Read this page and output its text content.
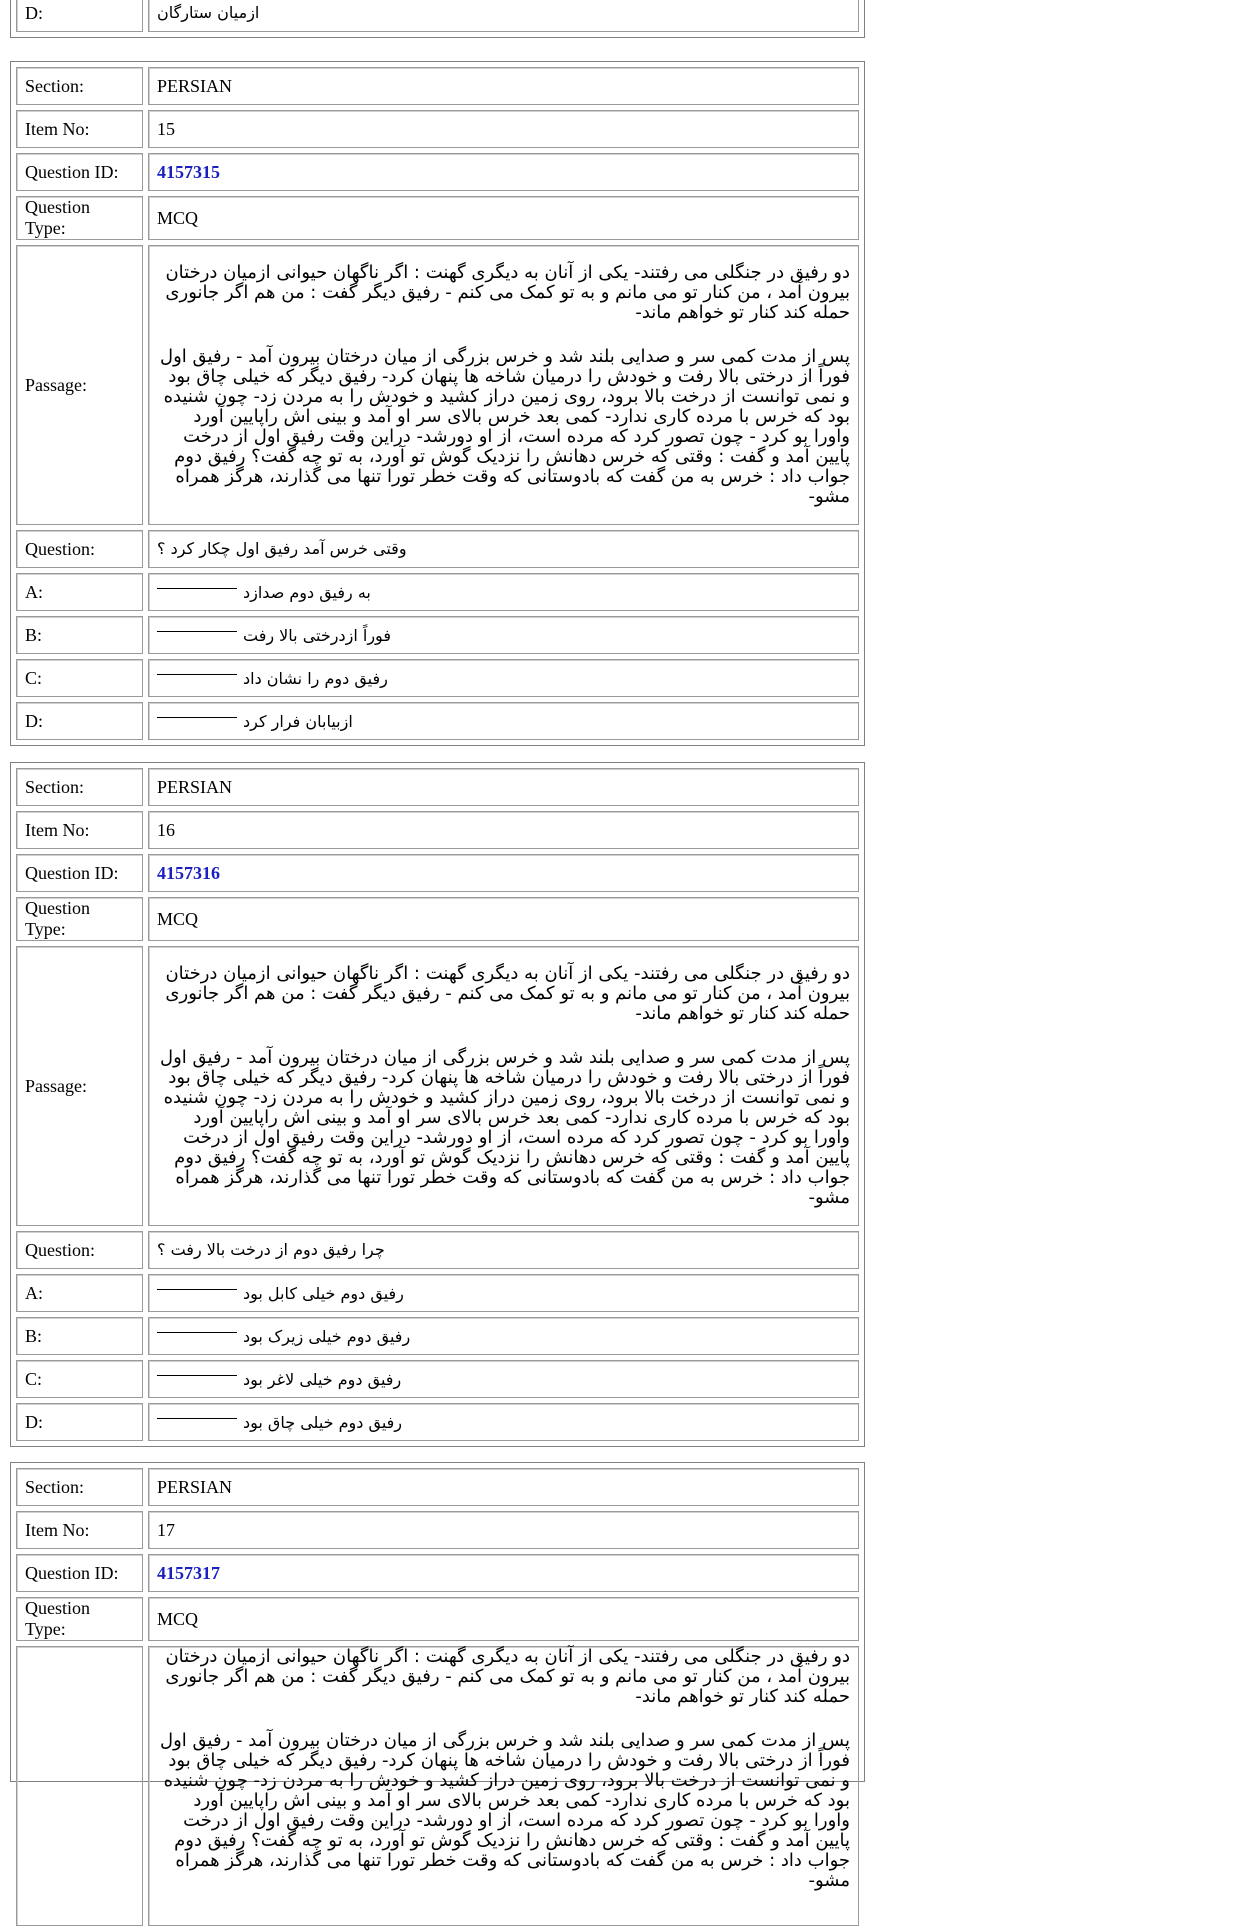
D:	ازمیان ستارگان
Section:	PERSIAN
Item No:	15
Question ID:	4157315
Question Type:	MCQ
Passage:	دو رفیق در جنگلی می رفتند- یکی از آنان به دیگری گهنت : اگر ناگهان حیوانی ازمیان درختان بیرون آمد ، من کنار تو می مانم و به تو کمک می کنم - رفیق دیگر گفت : من هم اگر جانوری حمله کند کنار تو خواهم ماند-

پس از مدت کمی سر و صدایی بلند شد و خرس بزرگی از میان درختان بیرون آمد - رفیق اول فوراً از درختی بالا رفت و خودش را درمیان شاخه ها پنهان کرد- رفیق دیگر که خیلی چاق بود و نمی توانست از درخت بالا برود، روی زمین دراز کشید و خودش را به مردن زد- چون شنیده بود که خرس با مرده کاری ندارد- کمی بعد خرس بالای سر او آمد و بینی اش راپایین آورد واورا بو کرد - چون تصور کرد که مرده است، از او دورشد- دراین وقت رفیق اول از درخت پایین آمد و گفت : وقتی که خرس دهانش را نزدیک گوش تو آورد، به تو چه گفت؟ رفیق دوم جواب داد : خرس به من گفت که بادوستانی که وقت خطر تورا تنها می گذارند، هرگز همراه مشو-

Question:	وقتی خرس آمد رفیق اول چکار کرد ؟
A:	به رفیق دوم صدازد

B:	فوراً ازدرختی بالا رفت

C:	رفیق دوم را نشان داد

D:	ازبیابان فرار کرد
Section:	PERSIAN
Item No:	16
Question ID:	4157316
Question Type:	MCQ
Passage:	دو رفیق در جنگلی می رفتند- یکی از آنان به دیگری گهنت : اگر ناگهان حیوانی ازمیان درختان بیرون آمد ، من کنار تو می مانم و به تو کمک می کنم - رفیق دیگر گفت : من هم اگر جانوری حمله کند کنار تو خواهم ماند-

پس از مدت کمی سر و صدایی بلند شد و خرس بزرگی از میان درختان بیرون آمد - رفیق اول فوراً از درختی بالا رفت و خودش را درمیان شاخه ها پنهان کرد- رفیق دیگر که خیلی چاق بود و نمی توانست از درخت بالا برود، روی زمین دراز کشید و خودش را به مردن زد- چون شنیده بود که خرس با مرده کاری ندارد- کمی بعد خرس بالای سر او آمد و بینی اش راپایین آورد واورا بو کرد - چون تصور کرد که مرده است، از او دورشد- دراین وقت رفیق اول از درخت پایین آمد و گفت : وقتی که خرس دهانش را نزدیک گوش تو آورد، به تو چه گفت؟ رفیق دوم جواب داد : خرس به من گفت که بادوستانی که وقت خطر تورا تنها می گذارند، هرگز همراه مشو-

Question:	چرا رفیق دوم از درخت بالا رفت ؟
A:	رفیق دوم خیلی کابل بود

B:	رفیق دوم خیلی زیرک بود

C:	رفیق دوم خیلی لاغر بود

D:	رفیق دوم خیلی چاق بود
Section:	PERSIAN
Item No:	17
Question ID:	4157317
Question Type:	MCQ

	دو رفیق در جنگلی می رفتند- یکی از آنان به دیگری گهنت : اگر ناگهان حیوانی ازمیان درختان بیرون آمد ، من کنار تو می مانم و به تو کمک می کنم - رفیق دیگر گفت : من هم اگر جانوری حمله کند کنار تو خواهم ماند-

پس از مدت کمی سر و صدایی بلند شد و خرس بزرگی از میان درختان بیرون آمد - رفیق اول فوراً از درختی بالا رفت و خودش را درمیان شاخه ها پنهان کرد- رفیق دیگر که خیلی چاق بود و نمی توانست از درخت بالا برود، روی زمین دراز کشید و خودش را به مردن زد- چون شنیده بود که خرس با مرده کاری ندارد- کمی بعد خرس بالای سر او آمد و بینی اش راپایین آورد واورا بو کرد - چون تصور کرد که مرده است، از او دورشد- دراین وقت رفیق اول از درخت پایین آمد و گفت : وقتی که خرس دهانش را نزدیک گوش تو آورد، به تو چه گفت؟ رفیق دوم جواب داد : خرس به من گفت که بادوستانی که وقت خطر تورا تنها می گذارند، هرگز همراه مشو-
